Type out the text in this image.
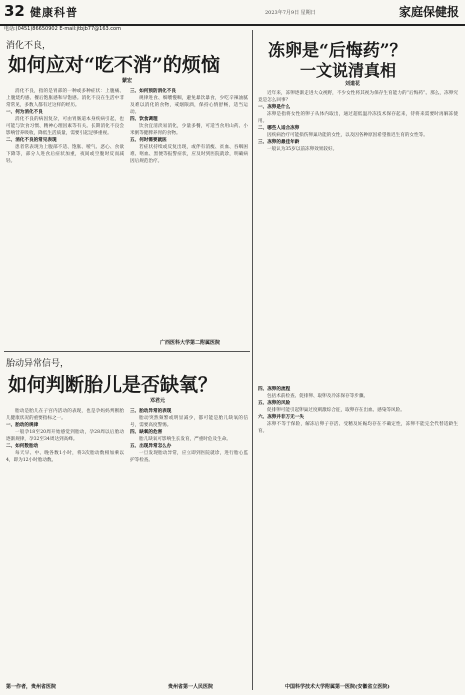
32 健康科普	2023年7月9日 星期日	家庭保健报
电话:(0451)86650902 E-mail:jtbjb77@163.com
消化不良，
如何应对“吃不消”的烦恼
蒙宏

消化不良，指的是胃部的一种或多种症状：上腹痛、上腹烧灼感、餐后饱胀感和早饱感。消化不良在生活中非常常见，多数人都有过这样的经历。

一、何为消化不良

消化不良的病因复杂，可由胃肠道本身疾病引起，也可能与饮食习惯、精神心理因素等有关。长期消化不良会影响营养吸收，降低生活质量，需要引起足够重视。

二、消化不良的常见表现

患者常表现为上腹部不适、饱胀、嗳气、恶心、食欲下降等，部分人进食后症状加重，夜间或空腹时反而减轻。

三、如何预防消化不良

规律进食、细嚼慢咽，避免暴饮暴食，少吃辛辣油腻及难以消化的食物，戒烟限酒，保持心情舒畅，适当运动。

四、饮食调理

饮食宜清淡易消化，少量多餐，可适当食用山药、小米粥等健脾养胃的食物。

五、何时需要就医

若症状持续或反复出现，或伴有消瘦、贫血、吞咽困难、呕血、黑便等报警症状，应及时到医院就诊，明确病因后规范治疗。

广西医科大学第二附属医院
胎动异常信号，
如何判断胎儿是否缺氧？
邓君元

胎动是胎儿在子宫内活动的表现，也是孕妈妈判断胎儿健康状况的重要指标之一。

一、胎动的规律

一般孕18至20周开始感觉到胎动，孕28周以后胎动逐渐规律，孕32至34周达到高峰。

二、如何数胎动

每天早、中、晚各数1小时，将3次胎动数相加乘以4，即为12小时胎动数。

三、胎动异常的表现

胎动突然频繁或明显减少，都可能是胎儿缺氧的信号，需要高度警惕。

四、缺氧的危害

胎儿缺氧可影响生长发育，严重时危及生命。

五、出现异常怎么办

一旦发现胎动异常，应立即到医院就诊，进行胎心监护等检查。

第一作者，贵州省医院	贵州省第一人民医院
冻卵是“后悔药”？
一文说清真相
刘道花

近年来，冻卵逐渐走进大众视野，不少女性将其视为保存生育能力的“后悔药”。那么，冻卵究竟是怎么回事？

一、冻卵是什么

冻卵是指将女性的卵子从体内取出，通过超低温冷冻技术保存起来，待将来需要时再解冻使用。

二、哪些人适合冻卵

因疾病治疗可能损伤卵巢功能的女性，以及因各种原因希望推迟生育的女性等。

三、冻卵的最佳年龄

一般认为35岁以前冻卵效果较好。

四、冻卵的流程

包括术前检查、促排卵、取卵及冷冻保存等步骤。

五、冻卵的风险

促排卵可能引起卵巢过度刺激综合征，取卵存在出血、感染等风险。

六、冻卵并非万无一失

冻卵不等于保险，解冻后卵子存活、受精及妊娠均存在不确定性，冻卵不能完全代替适龄生育。

中国科学技术大学附属第一医院(安徽省立医院)
